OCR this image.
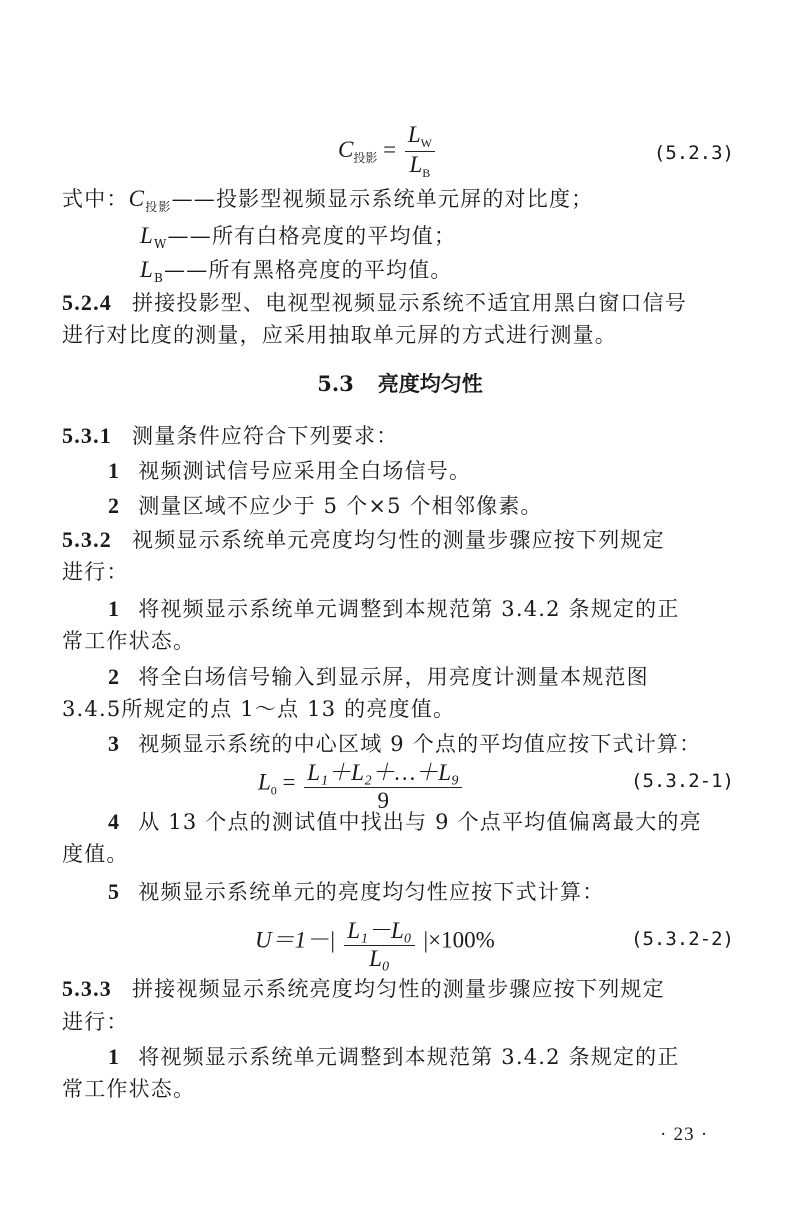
$C_{投影} = \frac{L_W}{L_B}$	(5.2.3)
式中：$C_{投影}——$投影型视频显示系统单元屏的对比度；
$L_W——$所有白格亮度的平均值；
$L_B——$所有黑格亮度的平均值。
5.2.4 拼接投影型、电视型视频显示系统不适宜用黑白窗口信号
进行对比度的测量，应采用抽取单元屏的方式进行测量。
5.3 亮度均匀性
5.3.1 测量条件应符合下列要求：
1 视频测试信号应采用全白场信号。
2 测量区域不应少于 5 个×5 个相邻像素。
5.3.2 视频显示系统单元亮度均匀性的测量步骤应按下列规定
进行：
1 将视频显示系统单元调整到本规范第 3.4.2 条规定的正
常工作状态。
2 将全白场信号输入到显示屏，用亮度计测量本规范图
3.4.5所规定的点 1～点 13 的亮度值。
3 视频显示系统的中心区域 9 个点的平均值应按下式计算：
$L_0 = \frac{\text{L₁＋L₂＋…＋L₉}}{9}$	(5.3.2-1)
4 从 13 个点的测试值中找出与 9 个点平均值偏离最大的亮
度值。
5 视频显示系统单元的亮度均匀性应按下式计算：
$U=1-| \frac{\text{L₁－L₀}}{\text{L₀}} |\times 100\%$	(5.3.2-2)
5.3.3 拼接视频显示系统亮度均匀性的测量步骤应按下列规定
进行：
1 将视频显示系统单元调整到本规范第 3.4.2 条规定的正
常工作状态。
· 23 ·
